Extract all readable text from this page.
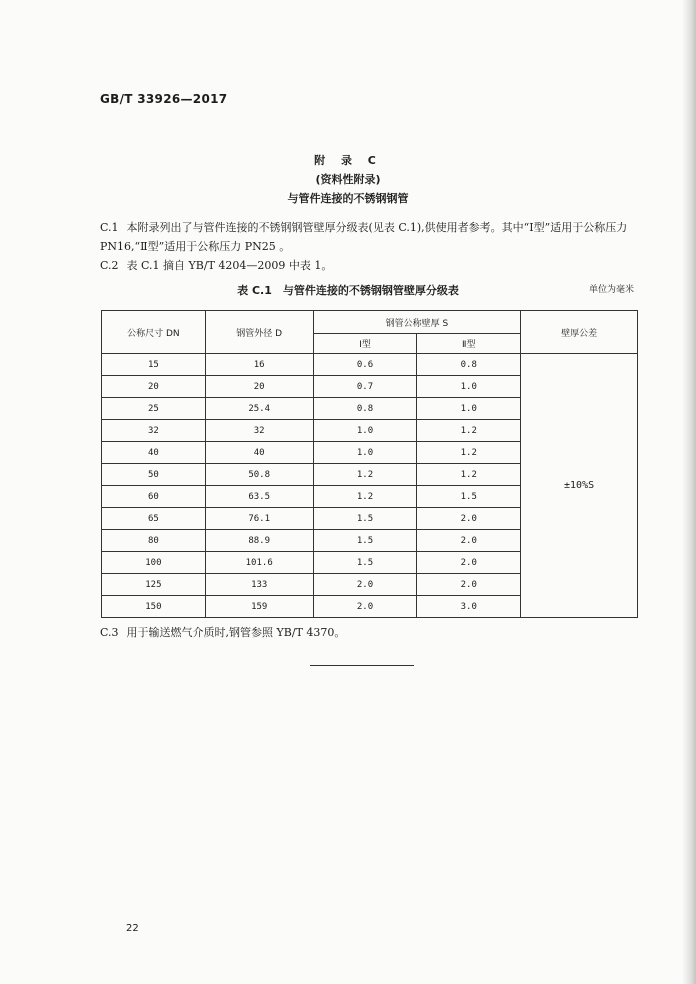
GB/T 33926—2017
附 录 C
(资料性附录)
与管件连接的不锈钢钢管
C.1 本附录列出了与管件连接的不锈钢钢管壁厚分级表(见表 C.1),供使用者参考。其中“Ⅰ型”适用于公称压力 PN16,“Ⅱ型”适用于公称压力 PN25 。
C.2 表 C.1 摘自 YB/T 4204—2009 中表 1。
表 C.1　与管件连接的不锈钢钢管壁厚分级表	单位为毫米
公称尺寸 DN	钢管外径 D	钢管公称壁厚 S		壁厚公差
		Ⅰ型	Ⅱ型	
15	16	0.6	0.8	±10%S
20	20	0.7	1.0	
25	25.4	0.8	1.0	
32	32	1.0	1.2	
40	40	1.0	1.2	
50	50.8	1.2	1.2	
60	63.5	1.2	1.5	
65	76.1	1.5	2.0	
80	88.9	1.5	2.0	
100	101.6	1.5	2.0	
125	133	2.0	2.0	
150	159	2.0	3.0	
C.3 用于输送燃气介质时,钢管参照 YB/T 4370。
22
